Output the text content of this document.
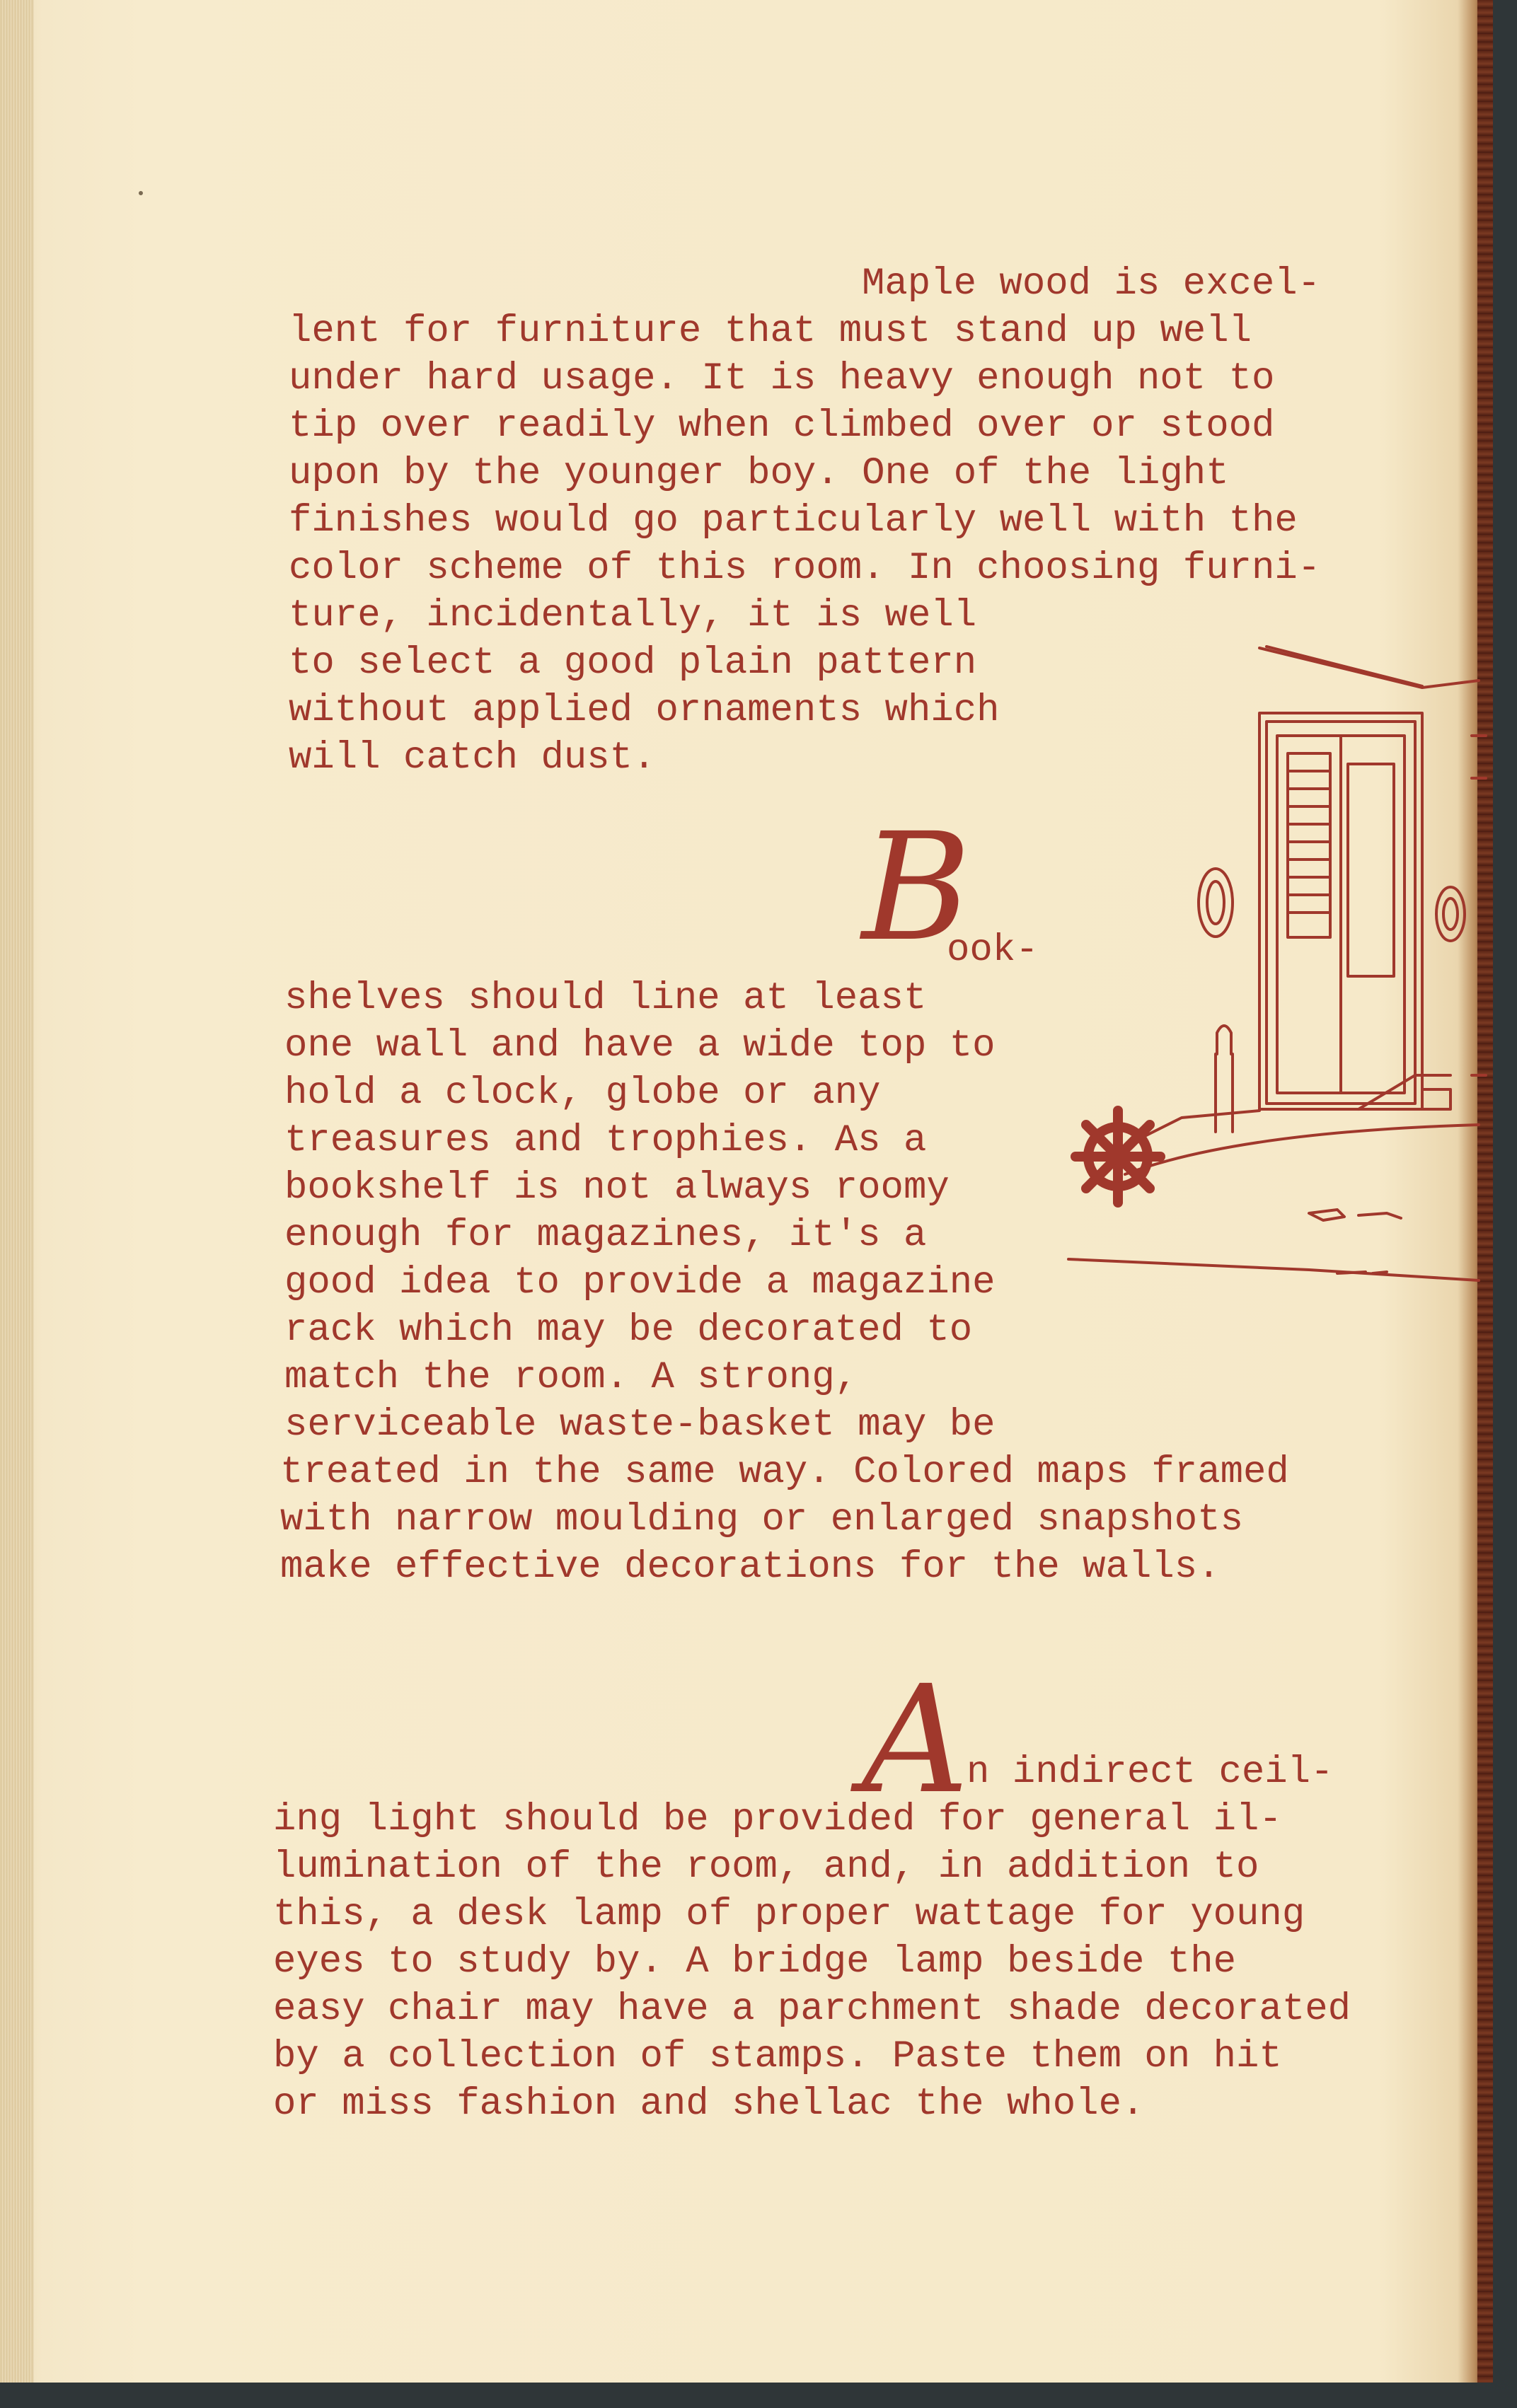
Maple wood is excel-

lent for furniture that must stand up well

under hard usage. It is heavy enough not to

tip over readily when climbed over or stood

upon by the younger boy. One of the light

finishes would go particularly well with the

color scheme of this room. In choosing furni-

ture, incidentally, it is well

to select a good plain pattern

without applied ornaments which

will catch dust.

B

ook-

shelves should line at least

one wall and have a wide top to

hold a clock, globe or any

treasures and trophies. As a

bookshelf is not always roomy

enough for magazines, it's a

good idea to provide a magazine

rack which may be decorated to

match the room. A strong,

serviceable waste-basket may be

treated in the same way. Colored maps framed

with narrow moulding or enlarged snapshots

make effective decorations for the walls.

A

n indirect ceil-

ing light should be provided for general il-

lumination of the room, and, in addition to

this, a desk lamp of proper wattage for young

eyes to study by. A bridge lamp beside the

easy chair may have a parchment shade decorated

by a collection of stamps. Paste them on hit

or miss fashion and shellac the whole.
